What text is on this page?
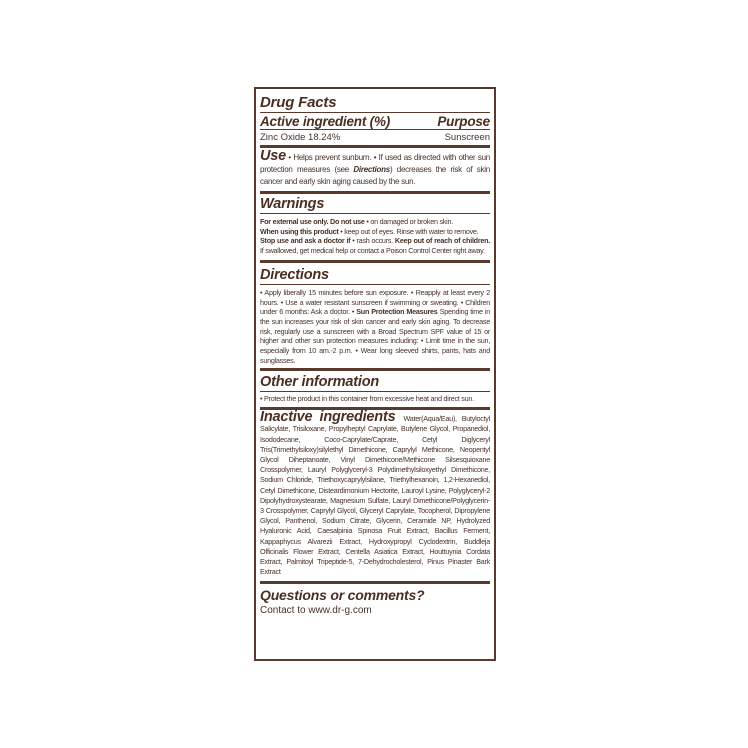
Drug Facts
Active ingredient (%)	Purpose
Zinc Oxide 18.24%	Sunscreen
Use • Helps prevent sunburn. • If used as directed with other sun protection measures (see Directions) decreases the risk of skin cancer and early skin aging caused by the sun.
Warnings
For external use only. Do not use • on damaged or broken skin.
When using this product • keep out of eyes. Rinse with water to remove.
Stop use and ask a doctor if • rash occurs. Keep out of reach of children. If swallowed, get medical help or contact a Poison Control Center right away.
Directions
• Apply liberally 15 minutes before sun exposure. • Reapply at least every 2 hours. • Use a water resistant sunscreen if swimming or sweating. • Children under 6 months: Ask a doctor. • Sun Protection Measures Spending time in the sun increases your risk of skin cancer and early skin aging. To decrease risk, regularly use a sunscreen with a Broad Spectrum SPF value of 15 or higher and other sun protection measures including: • Limit time in the sun, especially from 10 am.-2 p.m. • Wear long sleeved shirts, pants, hats and sunglasses.
Other information
• Protect the product in this container from excessive heat and direct sun.
Inactive ingredients Water(Aqua/Eau), Butyloctyl Salicylate, Trisiloxane, Propylheptyl Caprylate, Butylene Glycol, Propanediol, Isododecane, Coco-Caprylate/Caprate, Cetyl Diglyceryl Tris(Trimethylsiloxy)silylethyl Dimethicone, Caprylyl Methicone, Neopentyl Glycol Diheptanoate, Vinyl Dimethicone/Methicone Silsesquioxane Crosspolymer, Lauryl Polyglyceryl-3 Polydimethylsiloxyethyl Dimethicone, Sodium Chloride, Triethoxycaprylylsilane, Triethylhexanoin, 1,2-Hexanediol, Cetyl Dimethicone, Disteardimonium Hectorite, Lauroyl Lysine, Polyglyceryl-2 Dipolyhydroxystearate, Magnesium Sulfate, Lauryl Dimethicone/Polyglycerin-3 Crosspolymer, Caprylyl Glycol, Glyceryl Caprylate, Tocopherol, Dipropylene Glycol, Panthenol, Sodium Citrate, Glycerin, Ceramide NP, Hydrolyzed Hyaluronic Acid, Caesalpinia Spinosa Fruit Extract, Bacillus Ferment, Kappaphycus Alvarezii Extract, Hydroxypropyl Cyclodextrin, Buddleja Officinalis Flower Extract, Centella Asiatica Extract, Houttuynia Cordata Extract, Palmitoyl Tripeptide-5, 7-Dehydrocholesterol, Pinus Pinaster Bark Extract
Questions or comments?
Contact to www.dr-g.com
